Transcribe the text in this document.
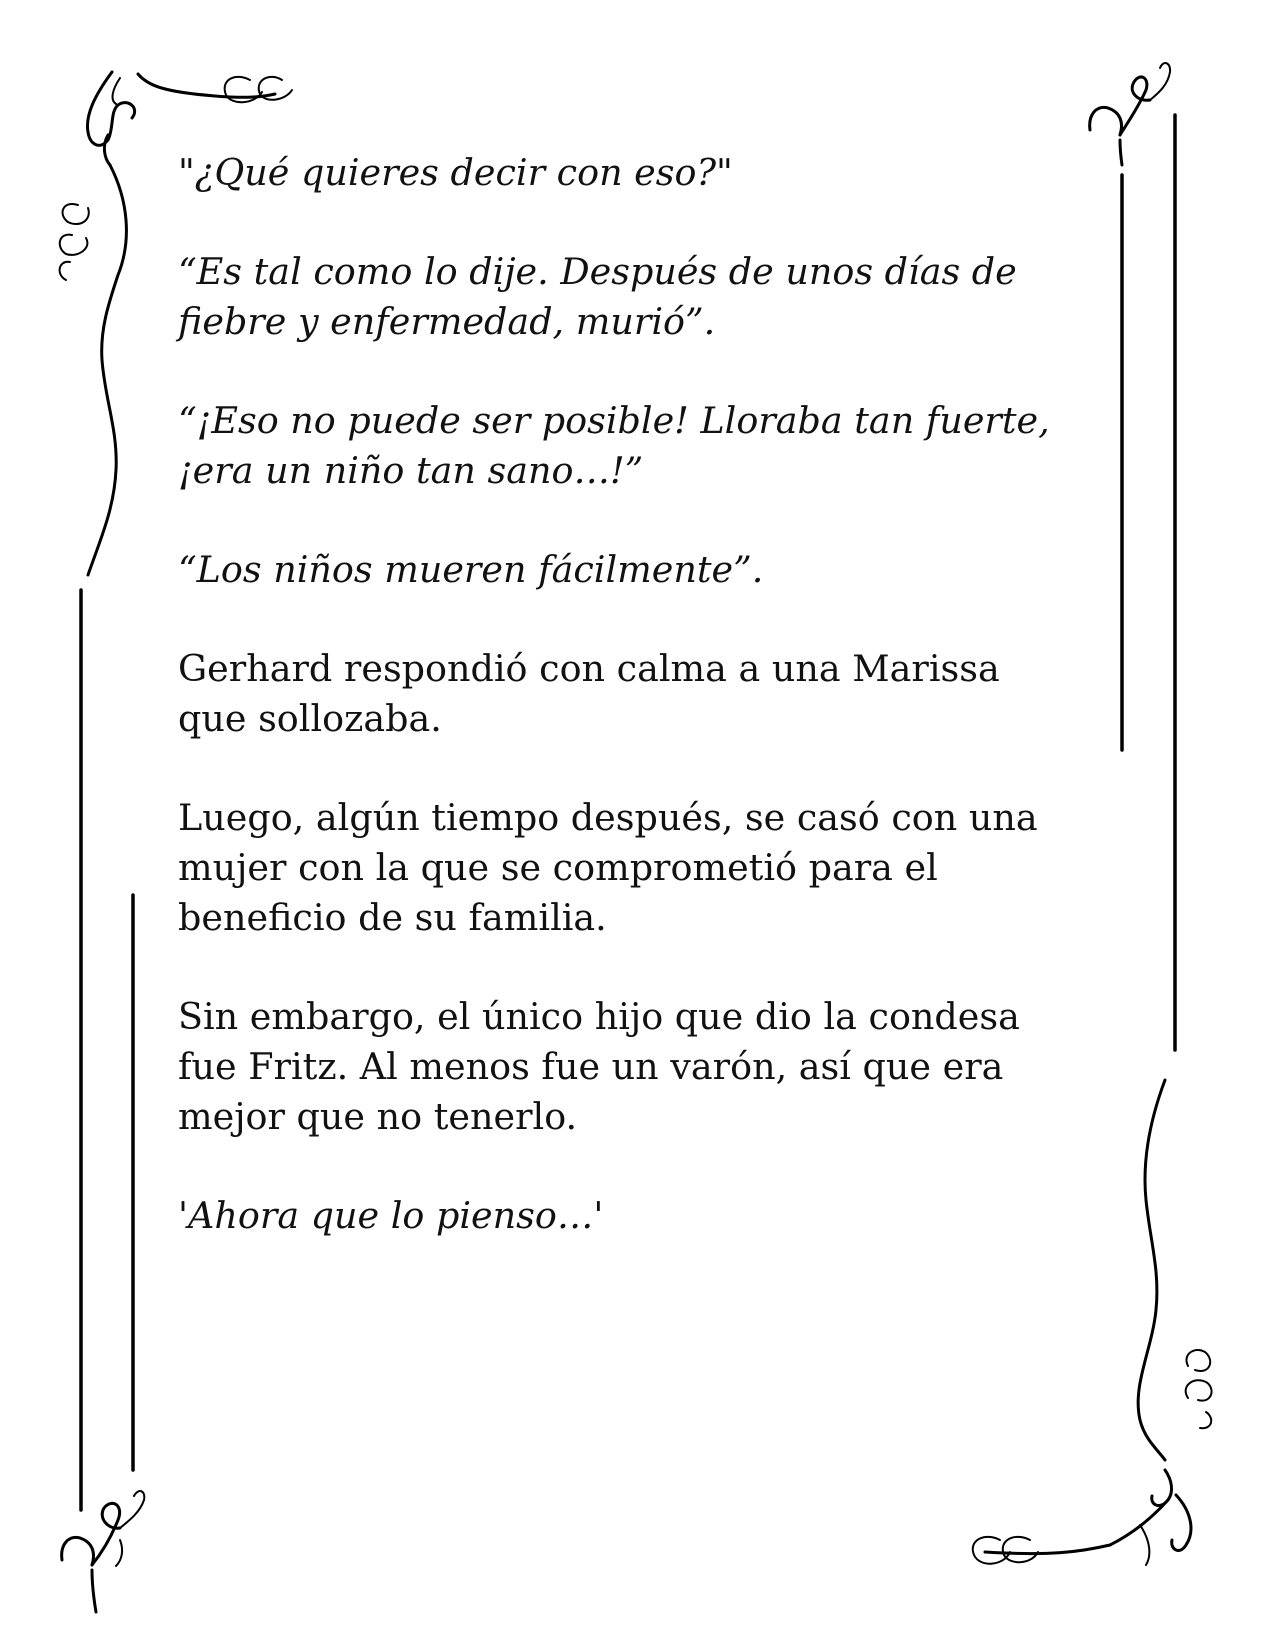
"¿Qué quieres decir con eso?"

“Es tal como lo dije. Después de unos días de
fiebre y enfermedad, murió”.

“¡Eso no puede ser posible! Lloraba tan fuerte,
¡era un niño tan sano…!”

“Los niños mueren fácilmente”.

Gerhard respondió con calma a una Marissa
que sollozaba.

Luego, algún tiempo después, se casó con una
mujer con la que se comprometió para el
beneficio de su familia.

Sin embargo, el único hijo que dio la condesa
fue Fritz. Al menos fue un varón, así que era
mejor que no tenerlo.

'Ahora que lo pienso…'
